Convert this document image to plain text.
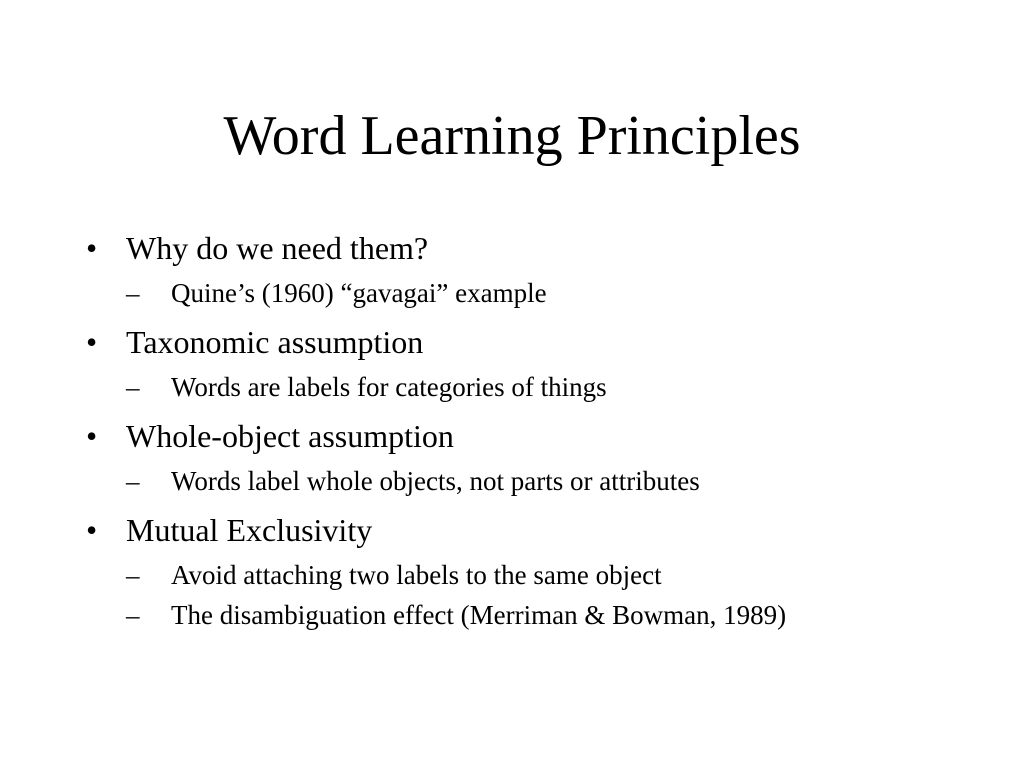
Word Learning Principles
• Why do we need them?
–	Quine’s (1960) “gavagai” example
• Taxonomic assumption
–	Words are labels for categories of things
• Whole-object assumption
–	Words label whole objects, not parts or attributes
• Mutual Exclusivity
–	Avoid attaching two labels to the same object
–	The disambiguation effect (Merriman & Bowman, 1989)
